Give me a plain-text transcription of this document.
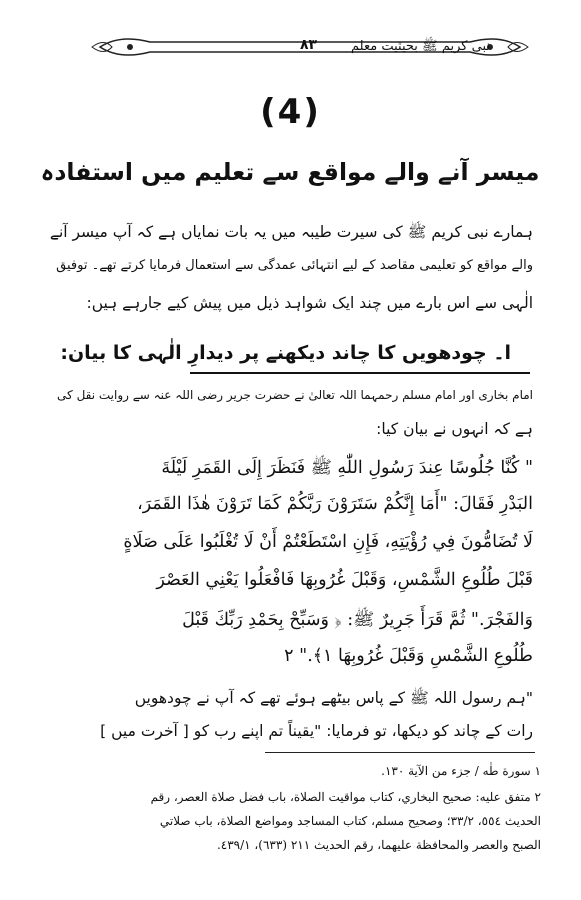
٨٣	نبی کریم ﷺ بحیثیت معلم
(4)
میسر آنے والے مواقع سے تعلیم میں استفادہ
ہمارے نبی کریم ﷺ کی سیرت طیبہ میں یہ بات نمایاں ہے کہ آپ میسر آنے
والے مواقع کو تعلیمی مقاصد کے لیے انتہائی عمدگی سے استعمال فرمایا کرتے تھے۔ توفیق
الٰہی سے اس بارے میں چند ایک شواہد ذیل میں پیش کیے جارہے ہیں:
ا۔ چودھویں کا چاند دیکھنے پر دیدارِ الٰہی کا بیان:
امام بخاری اور امام مسلم رحمہما اللہ تعالیٰ نے حضرت جریر رضی اللہ عنہ سے روایت نقل کی
ہے کہ انہوں نے بیان کیا:
" كُنَّا جُلُوسًا عِندَ رَسُولِ اللّٰهِ ﷺ فَنَظَرَ إِلَى القَمَرِ لَيْلَةَ
البَدْرِ فَقَالَ: "أَمَا إِنَّكُمْ سَتَرَوْنَ رَبَّكُمْ كَمَا تَرَوْنَ هٰذَا القَمَرَ،
لَا تُضَامُّونَ فِي رُؤْيَتِهِ، فَإِنِ اسْتَطَعْتُمْ أَنْ لَا تُغْلَبُوا عَلَى صَلَاةٍ
قَبْلَ طُلُوعِ الشَّمْسِ، وَقَبْلَ غُرُوبِهَا فَافْعَلُوا يَعْنِي العَصْرَ
وَالفَجْرَ." ثُمَّ قَرَأَ جَرِيرٌ ﷺ: ﴿ وَسَبِّحْ بِحَمْدِ رَبِّكَ قَبْلَ
طُلُوعِ الشَّمْسِ وَقَبْلَ غُرُوبِهَا ١﴾." ٢
"ہم رسول اللہ ﷺ کے پاس بیٹھے ہوئے تھے کہ آپ نے چودھویں
رات کے چاند کو دیکھا، تو فرمایا: "یقیناً تم اپنے رب کو [ آخرت میں ]
١ سورة طٰه / جزء من الآية ١٣٠.
٢ متفق عليه: صحيح البخاري، كتاب مواقيت الصلاة، باب فضل صلاة العصر، رقم
الحديث ٥٥٤، ٣٣/٢؛ وصحيح مسلم، كتاب المساجد ومواضع الصلاة، باب صلاتي
الصبح والعصر والمحافظة عليهما، رقم الحديث ٢١١ (٦٣٣)، ٤٣٩/١.
